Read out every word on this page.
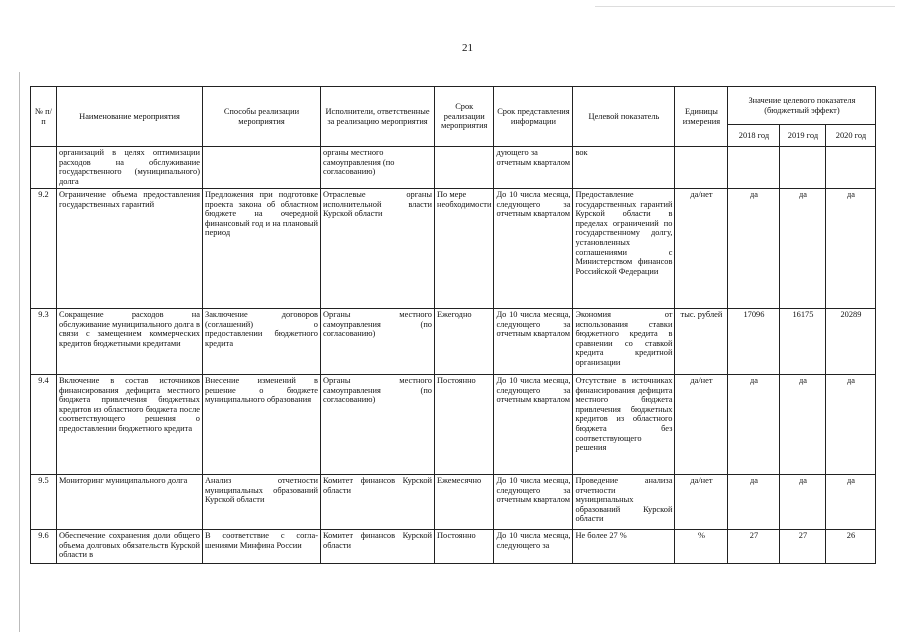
21
№ п/п	Наименование мероприятия	Способы реализации мероприятия	Исполнители, ответственные за реализацию мероприятия	Срок реализации мероприятия	Срок представления информации	Целевой показатель	Единицы измерения	Значение целевого показателя (бюджетный эффект)		
								2018 год	2019 год	2020 год
	организаций в целях оптимизации расходов на обслуживание государственного (муниципального) долга		органы местного самоуправления (по согласованию)		дующего за отчетным кварталом	вок				
9.2	Ограничение объема предоставления государственных гарантий	Предложения при подготовке проекта закона об областном бюджете на очередной финансовый год и на плановый период	Отраслевые органы исполнительной власти Курской области	По мере необходимости	До 10 числа месяца, следующего за отчетным кварталом	Предоставление государственных гарантий Курской области в пределах ограничений по государственному долгу, установленных соглашениями с Министерством финансов Российской Федерации	да/нет	да	да	да
9.3	Сокращение расходов на обслуживание муниципального долга в связи с замещением коммерческих кредитов бюджетными кредитами	Заключение договоров (соглашений) о предоставлении бюджетного кредита	Органы местного самоуправления (по согласованию)	Ежегодно	До 10 числа месяца, следующего за отчетным кварталом	Экономия от использования ставки бюджетного кредита в сравнении со ставкой кредита кредитной организации	тыс. рублей	17096	16175	20289
9.4	Включение в состав источников финансирования дефицита местного бюджета привлечения бюджетных кредитов из областного бюджета после соответствующего решения о предоставлении бюджетного кредита	Внесение изменений в решение о бюджете муниципального образования	Органы местного самоуправления (по согласованию)	Постоянно	До 10 числа месяца, следующего за отчетным кварталом	Отсутствие в источниках финансирования дефицита местного бюджета привлечения бюджетных кредитов из областного бюджета без соответствующего решения	да/нет	да	да	да
9.5	Мониторинг муниципального долга	Анализ отчетности муниципальных образований Курской области	Комитет финансов Курской области	Ежемесячно	До 10 числа месяца, следующего за отчетным кварталом	Проведение анализа отчетности муниципальных образований Курской области	да/нет	да	да	да
9.6	Обеспечение сохранения доли общего объема долговых обязательств Курской области в	В соответствие с согла-шениями Минфина России	Комитет финансов Курской области	Постоянно	До 10 числа месяца, следующего за	Не более 27 %	%	27	27	26
